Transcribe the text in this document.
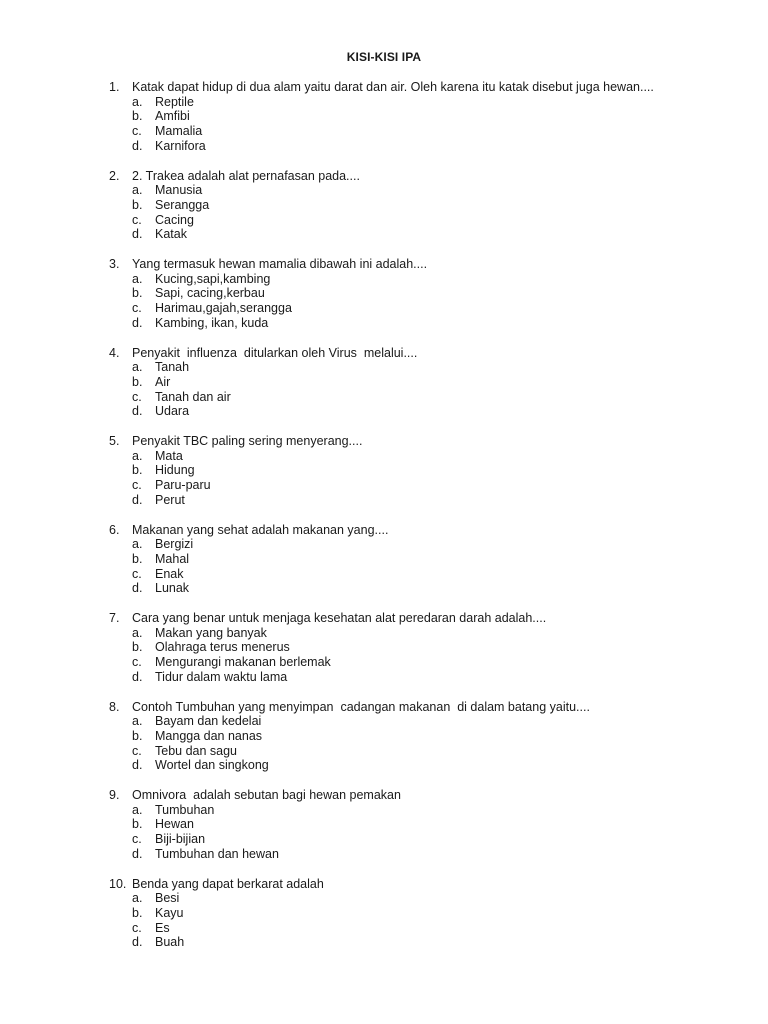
KISI-KISI IPA
1. Katak dapat hidup di dua alam yaitu darat dan air. Oleh karena itu katak disebut juga hewan....
a. Reptile
b. Amfibi
c. Mamalia
d. Karnifora
2. 2. Trakea adalah alat pernafasan pada....
a. Manusia
b. Serangga
c. Cacing
d. Katak
3. Yang termasuk hewan mamalia dibawah ini adalah....
a. Kucing,sapi,kambing
b. Sapi, cacing,kerbau
c. Harimau,gajah,serangga
d. Kambing, ikan, kuda
4. Penyakit  influenza  ditularkan oleh Virus  melalui....
a. Tanah
b. Air
c. Tanah dan air
d. Udara
5. Penyakit TBC paling sering menyerang....
a. Mata
b. Hidung
c. Paru-paru
d. Perut
6. Makanan yang sehat adalah makanan yang....
a. Bergizi
b. Mahal
c. Enak
d. Lunak
7. Cara yang benar untuk menjaga kesehatan alat peredaran darah adalah....
a. Makan yang banyak
b. Olahraga terus menerus
c. Mengurangi makanan berlemak
d. Tidur dalam waktu lama
8. Contoh Tumbuhan yang menyimpan  cadangan makanan  di dalam batang yaitu....
a. Bayam dan kedelai
b. Mangga dan nanas
c. Tebu dan sagu
d. Wortel dan singkong
9. Omnivora  adalah sebutan bagi hewan pemakan
a. Tumbuhan
b. Hewan
c. Biji-bijian
d. Tumbuhan dan hewan
10. Benda yang dapat berkarat adalah
a. Besi
b. Kayu
c. Es
d. Buah
